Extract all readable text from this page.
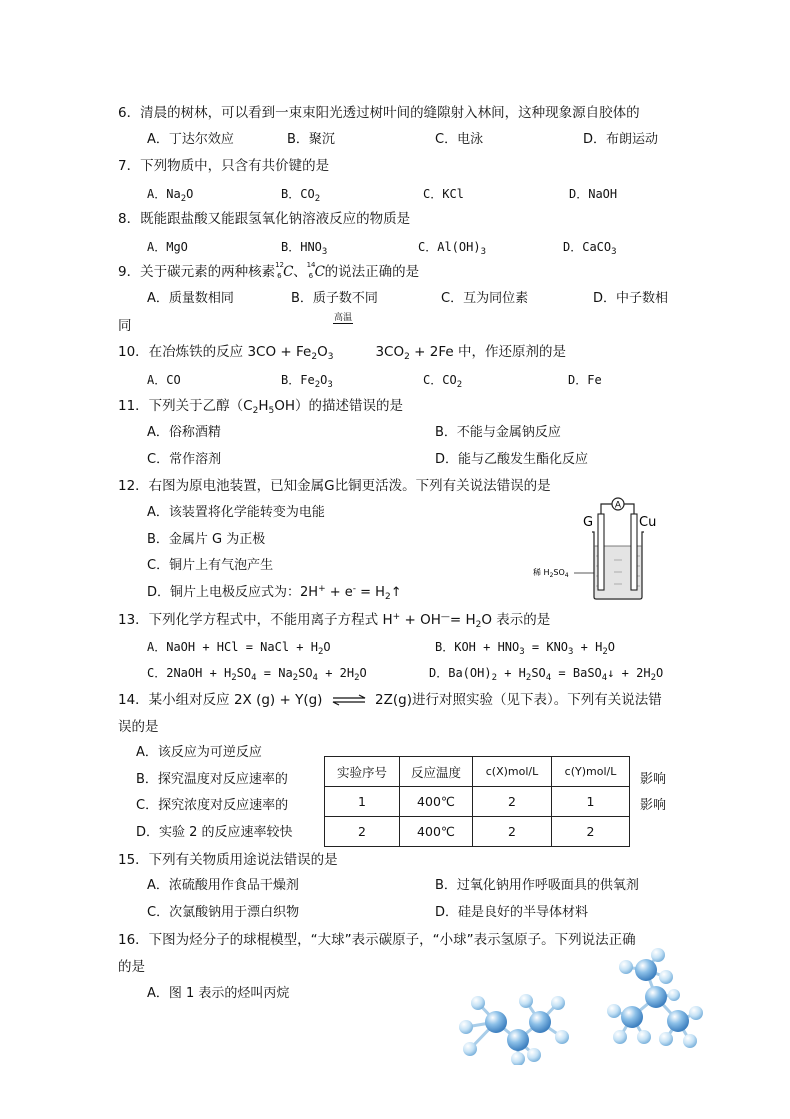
6．清晨的树林，可以看到一束束阳光透过树叶间的缝隙射入林间，这种现象源自胶体的
A．丁达尔效应	B．聚沉	C．电泳	D．布朗运动
7．下列物质中，只含有共价键的是
A．$Na_2O$	B．$CO_2$	C．KCl	D．NaOH
8．既能跟盐酸又能跟氢氧化钠溶液反应的物质是
A．MgO	B．$HNO_3$	C．$Al(OH)_3$	D．CaCO$_3$
9．关于碳元素的两种核素 12
6 C 、 14
6 C 的说法正确的是
A．质量数相同	B．质子数不同	C．互为同位素	D．中子数相
同	高温
10．在冶炼铁的反应 $3CO + Fe_2O_3$	$3CO_2 + 2Fe$ 中，作还原剂的是
A．CO	B．$Fe_2O_3$	C．$CO_2$	D．Fe
11．下列关于乙醇$(C_2H_5OH)$的描述错误的是
A．俗称酒精	B．不能与金属钠反应
C．常作溶剂	D．能与乙酸发生酯化反应
12．右图为原电池装置，已知金属G比铜更活泼。下列有关说法错误的是
A．该装置将化学能转变为电能
B．金属片 G 为正极
C．铜片上有气泡产生
D．铜片上电极反应式为：$2H^+ + e^- = H_2↑$
A
G	Cu
稀 $H_2SO_4$
13．下列化学方程式中，不能用离子方程式 $H^+ + OH^—= H_2O$ 表示的是
A．NaOH + HCl = NaCl + $H_2O$	B．KOH + $HNO_3 = KNO_3 + H_2O$
C．2NaOH + $H_2SO_4 = Na_2SO_4 + 2H_2O$	D．$Ba(OH)_2 + H_2SO_4$ = BaSO$_4$↓ + $2H_2O$
14．某小组对反应 2X (g) + Y(g) ⇌ 2Z(g)进行对照实验（见下表）。下列有关说法错
误的是
A．该反应为可逆反应
B．探究温度对反应速率的	影响
C．探究浓度对反应速率的	影响
D．实验 2 的反应速率较快
实验序号	反应温度	c(X)mol/L	c(Y)mol/L
1	400℃	2	1
2	400℃	2	2
15．下列有关物质用途说法错误的是
A．浓硫酸用作食品干燥剂	B．过氧化钠用作呼吸面具的供氧剂
C．次氯酸钠用于漂白织物	D．硅是良好的半导体材料
16．下图为烃分子的球棍模型，“大球”表示碳原子，“小球”表示氢原子。下列说法正确
的是
A．图 1 表示的烃叫丙烷
